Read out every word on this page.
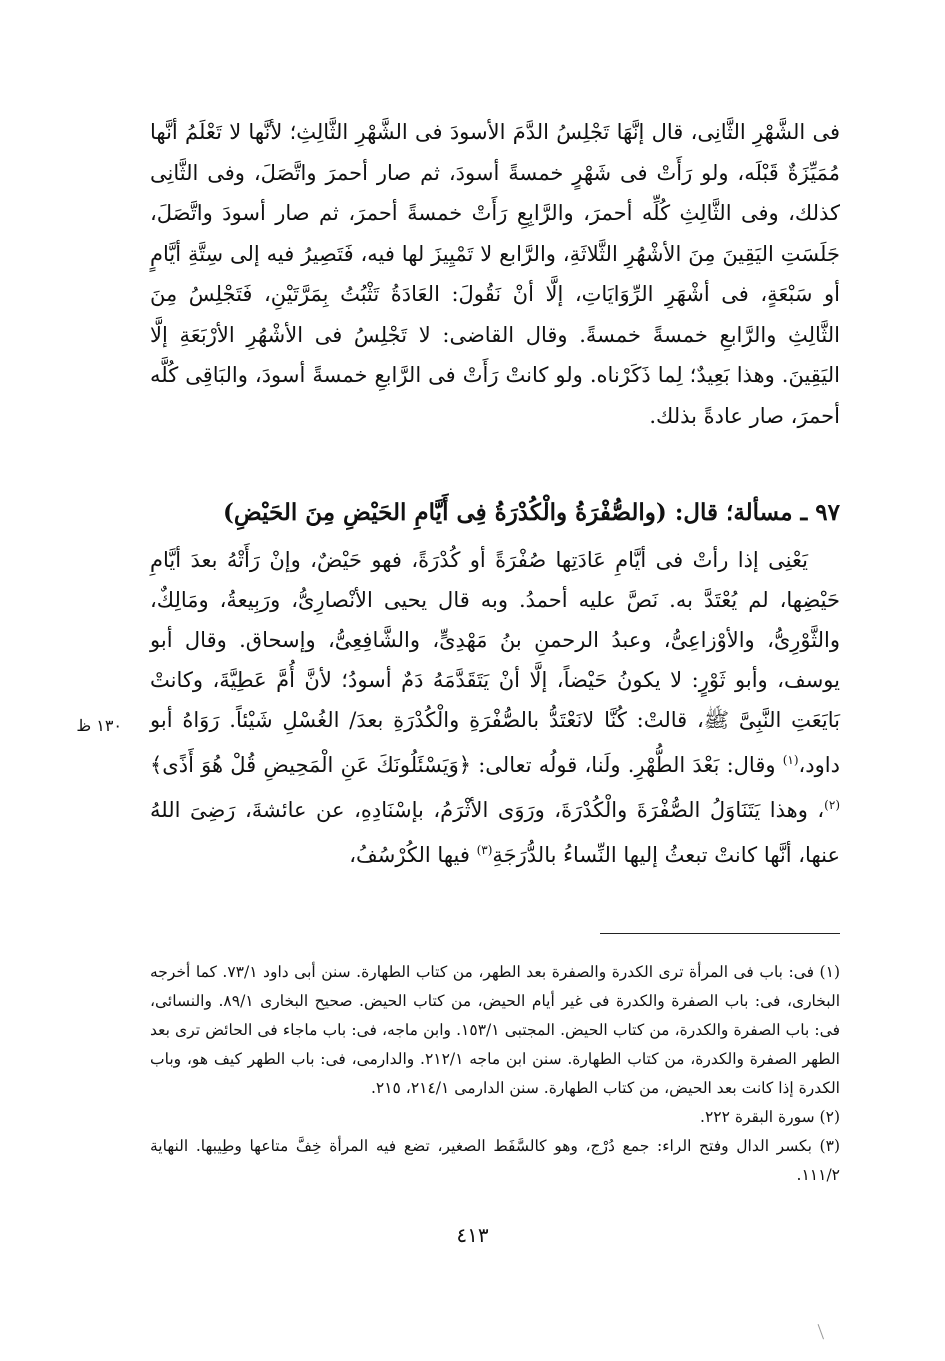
فى الشَّهْرِ الثَّانِى، قال إنَّهَا تَجْلِسُ الدَّمَ الأسودَ فى الشَّهْرِ الثَّالِثِ؛ لأنَّها لا تَعْلَمُ أنَّها مُمَيِّزَةٌ قَبْلَه، ولو رَأَتْ فى شَهْرٍ خمسةً أسودَ، ثم صار أحمرَ واتَّصَلَ، وفى الثَّانِى كذلك، وفى الثَّالِثِ كُلِّه أحمرَ، والرَّابِعِ رَأَتْ خمسةً أحمرَ، ثم صار أسودَ واتَّصَلَ، جَلَسَتِ اليَقِينَ مِنَ الأشْهُرِ الثَّلاثَةِ، والرَّابع لا تَمْيِيزَ لها فيه، فَتَصِيرُ فيه إلى سِتَّةِ أيَّامٍ أو سَبْعَةٍ، فى أشْهَرِ الرِّوَايَاتِ، إلَّا أنْ نَقُولَ: العَادَةُ تَثْبُتُ بِمَرَّتَيْنِ، فَتَجْلِسُ مِنَ الثَّالِثِ والرَّابعِ خمسةً خمسةً. وقال القاضى: لا تَجْلِسُ فى الأشْهُرِ الأرْبَعَةِ إلَّا اليَقِينَ. وهذا بَعِيدٌ؛ لِما ذَكَرْناه. ولو كانتْ رَأَتْ فى الرَّابعِ خمسةً أسودَ، والبَاقِى كُلَّه أحمرَ، صار عادةً بذلك.

٩٧ ـ مسألة؛ قال: (والصُّفْرَةُ والْكُدْرَةُ فِى أَيَّامِ الحَيْضِ مِنَ الحَيْضِ)

يَعْنِى إذا رأتْ فى أيَّامِ عَادَتِها صُفْرَةً أو كُدْرَةً، فهو حَيْضٌ، وإنْ رَأَتْهُ بعدَ أيَّامِ حَيْضِها، لم يُعْتَدَّ به. نَصَّ عليه أحمدُ. وبه قال يحيى الأنْصارِىُّ، ورَبِيعةُ، ومَالِكٌ، والثَّوْرِىُّ، والأوْزاعِىُّ، وعبدُ الرحمنِ بنُ مَهْدِىٍّ، والشَّافِعِىُّ، وإسحاق. وقال أبو يوسف، وأبو ثَوْرٍ: لا يكونُ حَيْضاً، إلَّا أنْ يَتَقَدَّمَهُ دَمٌ أسودُ؛ لأنَّ أُمَّ عَطِيَّةَ، وكانتْ بَايَعَتِ النَّبِىَّ ﷺ، قالتْ: كُنَّا لانَعْتَدُّ بالصُّفْرَةِ والْكُدْرَةِ بعدَ/ الغُسْلِ شَيْئاً. رَوَاهُ أبو داود،$^{(١)}$ وقال: بَعْدَ الطُّهْرِ. ولَنا، قولُه تعالى: ﴿وَيَسْئَلُونَكَ عَنِ الْمَحِيضِ قُلْ هُوَ أَذًى﴾$^{(٢)}$، وهذا يَتَنَاوَلُ الصُّفْرَةَ والْكُدْرَةَ، ورَوَى الأثْرَمُ، بإسْنَادِهِ، عن عائشةَ، رَضِىَ اللهُ عنها، أنَّها كانتْ تبعثُ إليها النِّساءُ بالدُّرَجَةِ$^{(٣)}$ فيها الكُرْسُفُ،

١٣٠ ظ

(١) فى: باب فى المرأة ترى الكدرة والصفرة بعد الطهر، من كتاب الطهارة. سنن أبى داود ٧٣/١. كما أخرجه البخارى، فى: باب الصفرة والكدرة فى غير أيام الحيض، من كتاب الحيض. صحيح البخارى ٨٩/١. والنسائى، فى: باب الصفرة والكدرة، من كتاب الحيض. المجتبى ١٥٣/١. وابن ماجه، فى: باب ماجاء فى الحائض ترى بعد الطهر الصفرة والكدرة، من كتاب الطهارة. سنن ابن ماجه ٢١٢/١. والدارمى، فى: باب الطهر كيف هو، وباب الكدرة إذا كانت بعد الحيض، من كتاب الطهارة. سنن الدارمى ٢١٤/١، ٢١٥.

(٢) سورة البقرة ٢٢٢.

(٣) بكسر الدال وفتح الراء: جمع دُرْج، وهو كالسَّفَط الصغير، تضع فيه المرأة خِفَّ متاعها وطِيبها. النهاية ١١١/٢.

٤١٣
